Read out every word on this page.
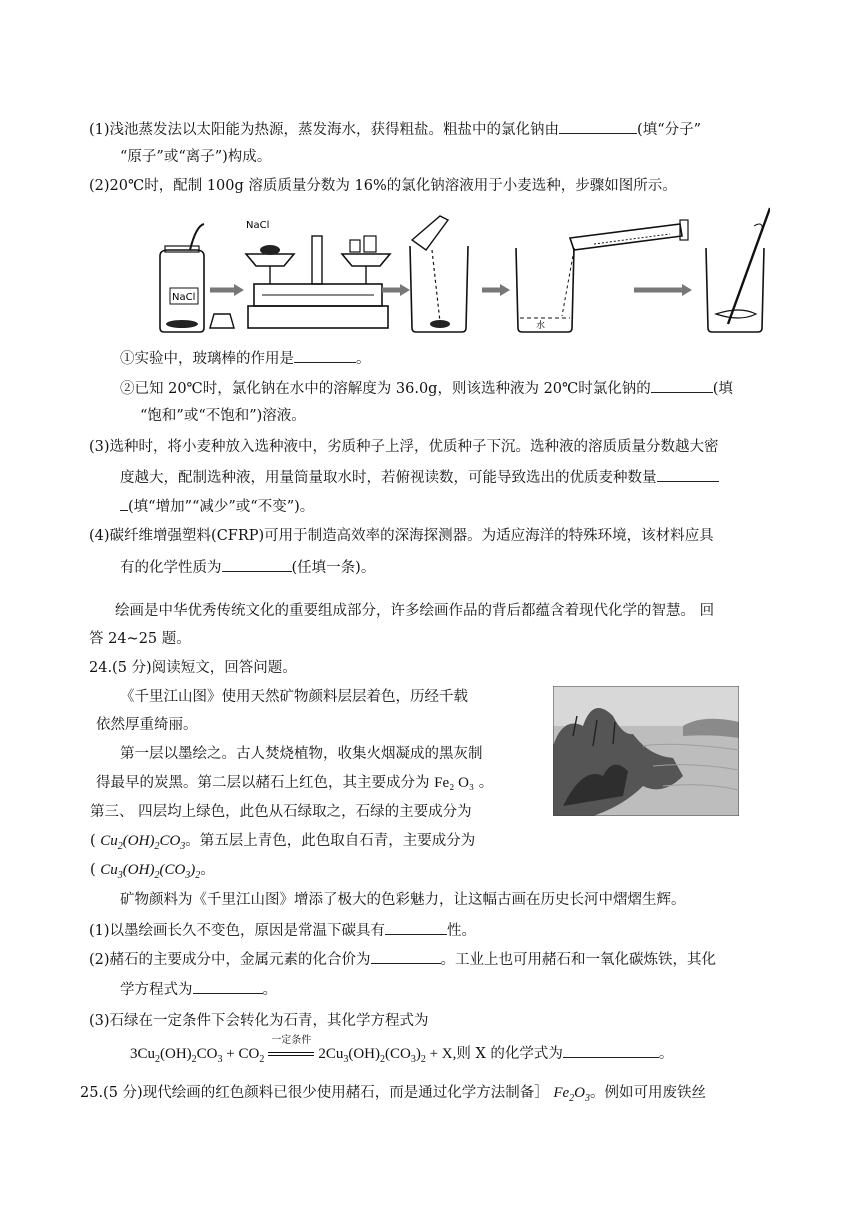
(1)浅池蒸发法以太阳能为热源，蒸发海水，获得粗盐。粗盐中的氯化钠由	(填“分子”
“原子”或“离子”)构成。
(2)20℃时，配制 100g 溶质质量分数为 16%的氯化钠溶液用于小麦选种，步骤如图所示。
NaCl
NaCl
水
①实验中，玻璃棒的作用是	。
②已知 20℃时，氯化钠在水中的溶解度为 36.0g，则该选种液为 20℃时氯化钠的	(填
“饱和”或“不饱和”)溶液。
(3)选种时，将小麦种放入选种液中，劣质种子上浮，优质种子下沉。选种液的溶质质量分数越大密
度越大，配制选种液，用量筒量取水时，若俯视读数，可能导致选出的优质麦种数量
(填“增加”“减少”或“不变”)。
(4)碳纤维增强塑料(CFRP)可用于制造高效率的深海探测器。为适应海洋的特殊环境，该材料应具
有的化学性质为	(任填一条)。
绘画是中华优秀传统文化的重要组成部分，许多绘画作品的背后都蕴含着现代化学的智慧。 回
答 24~25 题。
24.(5 分)阅读短文，回答问题。
《千里江山图》使用天然矿物颜料层层着色，历经千载
依然厚重绮丽。
第一层以墨绘之。古人焚烧植物，收集火烟凝成的黑灰制
得最早的炭黑。第二层以赭石上红色，其主要成分为 Fe₂ O₃ 。
第三、 四层均上绿色，此色从石绿取之，石绿的主要成分为
( $Cu_2(OH)_2CO_3$。第五层上青色，此色取自石青，主要成分为
( $Cu_3(OH)_2(CO_3)_2$。
矿物颜料为《千里江山图》增添了极大的色彩魅力，让这幅古画在历史长河中熠熠生辉。
(1)以墨绘画长久不变色，原因是常温下碳具有	性。
(2)赭石的主要成分中，金属元素的化合价为	。工业上也可用赭石和一氧化碳炼铁，其化
学方程式为	。
(3)石绿在一定条件下会转化为石青，其化学方程式为
$3Cu_2(OH)_2CO_3 + CO_2$
一定条件
$2Cu_3(OH)_2(CO_3)_2 + X$,则 X 的化学式为	。
25.(5 分)现代绘画的红色颜料已很少使用赭石，而是通过化学方法制备］ $Fe_2O_3$。例如可用废铁丝
